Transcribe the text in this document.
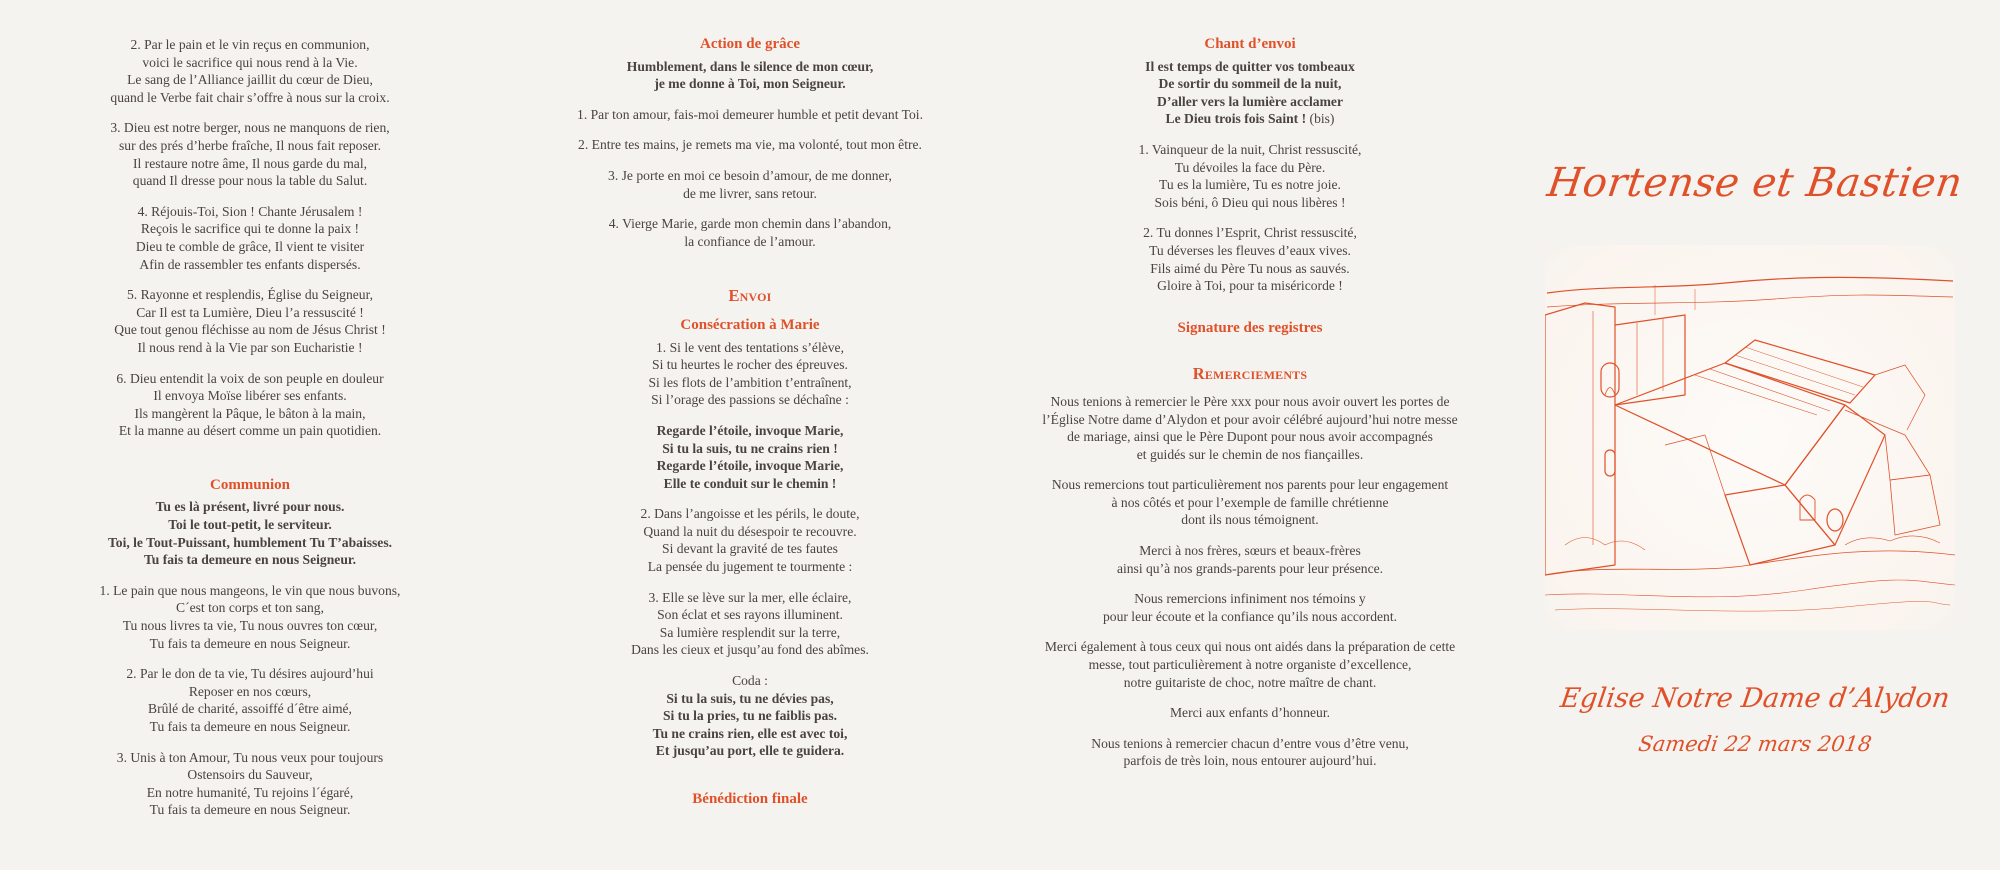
2. Par le pain et le vin reçus en communion,
voici le sacrifice qui nous rend à la Vie.
Le sang de l’Alliance jaillit du cœur de Dieu,
quand le Verbe fait chair s’offre à nous sur la croix.
3. Dieu est notre berger, nous ne manquons de rien,
sur des prés d’herbe fraîche, Il nous fait reposer.
Il restaure notre âme, Il nous garde du mal,
quand Il dresse pour nous la table du Salut.
4. Réjouis-Toi, Sion ! Chante Jérusalem !
Reçois le sacrifice qui te donne la paix !
Dieu te comble de grâce, Il vient te visiter
Afin de rassembler tes enfants dispersés.
5. Rayonne et resplendis, Église du Seigneur,
Car Il est ta Lumière, Dieu l’a ressuscité !
Que tout genou fléchisse au nom de Jésus Christ !
Il nous rend à la Vie par son Eucharistie !
6. Dieu entendit la voix de son peuple en douleur
Il envoya Moïse libérer ses enfants.
Ils mangèrent la Pâque, le bâton à la main,
Et la manne au désert comme un pain quotidien.
Communion
Tu es là présent, livré pour nous.
Toi le tout-petit, le serviteur.
Toi, le Tout-Puissant, humblement Tu T’abaisses.
Tu fais ta demeure en nous Seigneur.
1. Le pain que nous mangeons, le vin que nous buvons,
C´est ton corps et ton sang,
Tu nous livres ta vie, Tu nous ouvres ton cœur,
Tu fais ta demeure en nous Seigneur.
2. Par le don de ta vie, Tu désires aujourd’hui
Reposer en nos cœurs,
Brûlé de charité, assoiffé d´être aimé,
Tu fais ta demeure en nous Seigneur.
3. Unis à ton Amour, Tu nous veux pour toujours
Ostensoirs du Sauveur,
En notre humanité, Tu rejoins l´égaré,
Tu fais ta demeure en nous Seigneur.
Action de grâce
Humblement, dans le silence de mon cœur,
je me donne à Toi, mon Seigneur.
1. Par ton amour, fais-moi demeurer humble et petit devant Toi.
2. Entre tes mains, je remets ma vie, ma volonté, tout mon être.
3. Je porte en moi ce besoin d’amour, de me donner,
de me livrer, sans retour.
4. Vierge Marie, garde mon chemin dans l’abandon,
la confiance de l’amour.
Envoi
Consécration à Marie
1. Si le vent des tentations s’élève,
Si tu heurtes le rocher des épreuves.
Si les flots de l’ambition t’entraînent,
Si l’orage des passions se déchaîne :
Regarde l’étoile, invoque Marie,
Si tu la suis, tu ne crains rien !
Regarde l’étoile, invoque Marie,
Elle te conduit sur le chemin !
2. Dans l’angoisse et les périls, le doute,
Quand la nuit du désespoir te recouvre.
Si devant la gravité de tes fautes
La pensée du jugement te tourmente :
3. Elle se lève sur la mer, elle éclaire,
Son éclat et ses rayons illuminent.
Sa lumière resplendit sur la terre,
Dans les cieux et jusqu’au fond des abîmes.
Coda :
Si tu la suis, tu ne dévies pas,
Si tu la pries, tu ne faiblis pas.
Tu ne crains rien, elle est avec toi,
Et jusqu’au port, elle te guidera.
Bénédiction finale
Chant d’envoi
Il est temps de quitter vos tombeaux
De sortir du sommeil de la nuit,
D’aller vers la lumière acclamer
Le Dieu trois fois Saint ! (bis)
1. Vainqueur de la nuit, Christ ressuscité,
Tu dévoiles la face du Père.
Tu es la lumière, Tu es notre joie.
Sois béni, ô Dieu qui nous libères !
2. Tu donnes l’Esprit, Christ ressuscité,
Tu déverses les fleuves d’eaux vives.
Fils aimé du Père Tu nous as sauvés.
Gloire à Toi, pour ta miséricorde !
Signature des registres
Remerciements
Nous tenions à remercier le Père xxx pour nous avoir ouvert les portes de
l’Église Notre dame d’Alydon et pour avoir célébré aujourd’hui notre messe
de mariage, ainsi que le Père Dupont pour nous avoir accompagnés
et guidés sur le chemin de nos fiançailles.
Nous remercions tout particulièrement nos parents pour leur engagement
à nos côtés et pour l’exemple de famille chrétienne
dont ils nous témoignent.
Merci à nos frères, sœurs et beaux-frères
ainsi qu’à nos grands-parents pour leur présence.
Nous remercions infiniment nos témoins y
pour leur écoute et la confiance qu’ils nous accordent.
Merci également à tous ceux qui nous ont aidés dans la préparation de cette
messe, tout particulièrement à notre organiste d’excellence,
notre guitariste de choc, notre maître de chant.
Merci aux enfants d’honneur.
Nous tenions à remercier chacun d’entre vous d’être venu,
parfois de très loin, nous entourer aujourd’hui.
Hortense et Bastien
Eglise Notre Dame d’Alydon
Samedi 22 mars 2018
